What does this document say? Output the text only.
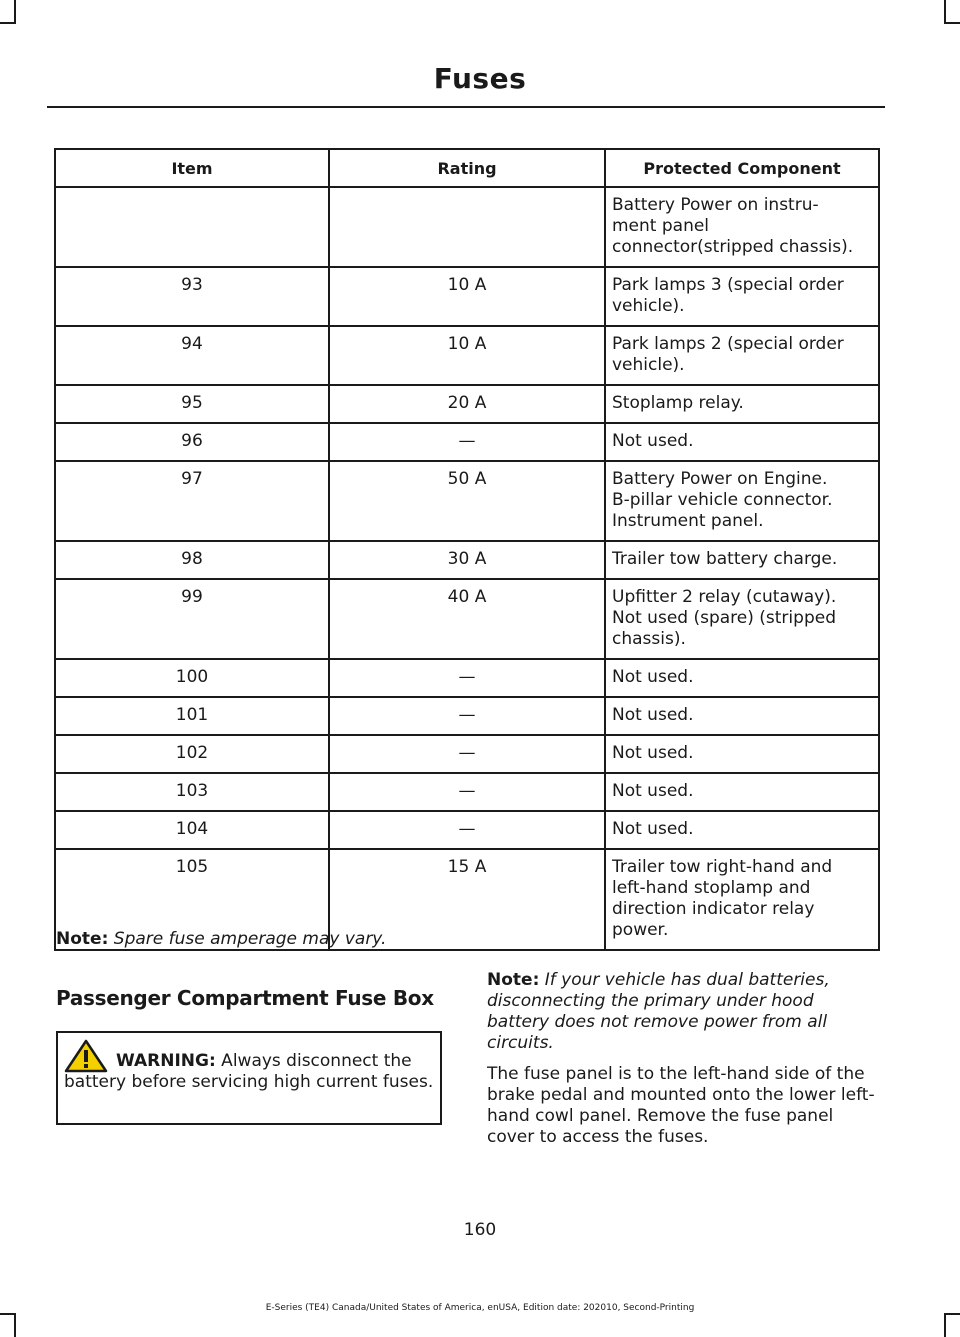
Fuses
Item	Rating	Protected Component
		Battery Power on instru-
ment panel
connector(stripped chassis).
93	10 A	Park lamps 3 (special order
vehicle).
94	10 A	Park lamps 2 (special order
vehicle).
95	20 A	Stoplamp relay.
96	—	Not used.
97	50 A	Battery Power on Engine.
B-pillar vehicle connector.
Instrument panel.
98	30 A	Trailer tow battery charge.
99	40 A	Upfitter 2 relay (cutaway).
Not used (spare) (stripped
chassis).
100	—	Not used.
101	—	Not used.
102	—	Not used.
103	—	Not used.
104	—	Not used.
105	15 A	Trailer tow right-hand and
left-hand stoplamp and
direction indicator relay
power.
Note: Spare fuse amperage may vary.
Passenger Compartment Fuse Box
WARNING: Always disconnect the battery before servicing high current fuses.
Note: If your vehicle has dual batteries, disconnecting the primary under hood battery does not remove power from all circuits.
The fuse panel is to the left-hand side of the brake pedal and mounted onto the lower left-hand cowl panel. Remove the fuse panel cover to access the fuses.
160
E-Series (TE4) Canada/United States of America, enUSA, Edition date: 202010, Second-Printing
